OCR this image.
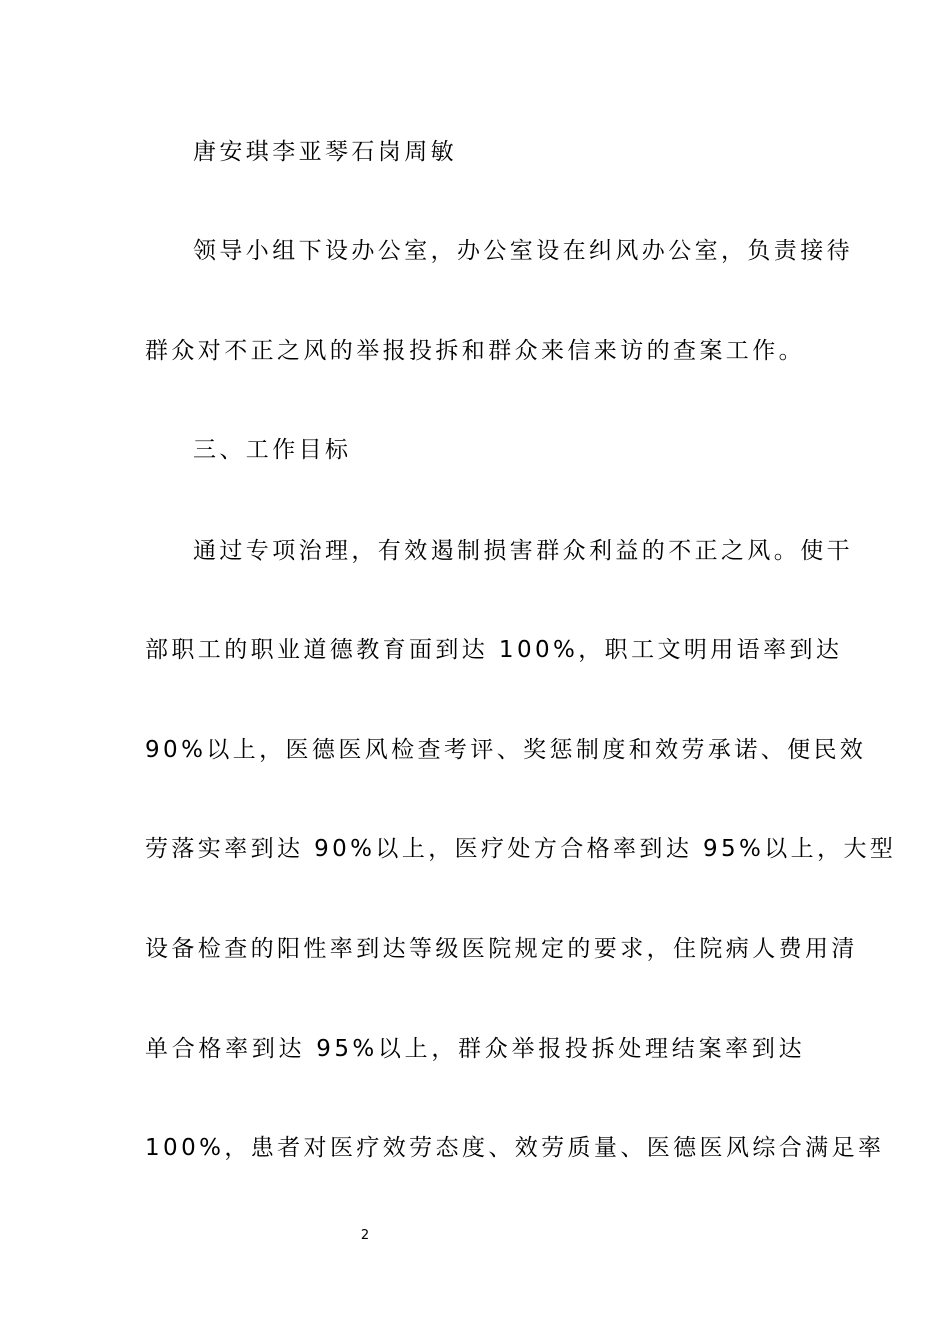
唐安琪李亚琴石岗周敏
领导小组下设办公室，办公室设在纠风办公室，负责接待
群众对不正之风的举报投拆和群众来信来访的查案工作。
三、工作目标
通过专项治理，有效遏制损害群众利益的不正之风。使干
部职工的职业道德教育面到达 100%，职工文明用语率到达
90%以上，医德医风检查考评、奖惩制度和效劳承诺、便民效
劳落实率到达 90%以上，医疗处方合格率到达 95%以上，大型
设备检查的阳性率到达等级医院规定的要求，住院病人费用清
单合格率到达 95%以上，群众举报投拆处理结案率到达
100%，患者对医疗效劳态度、效劳质量、医德医风综合满足率
2
